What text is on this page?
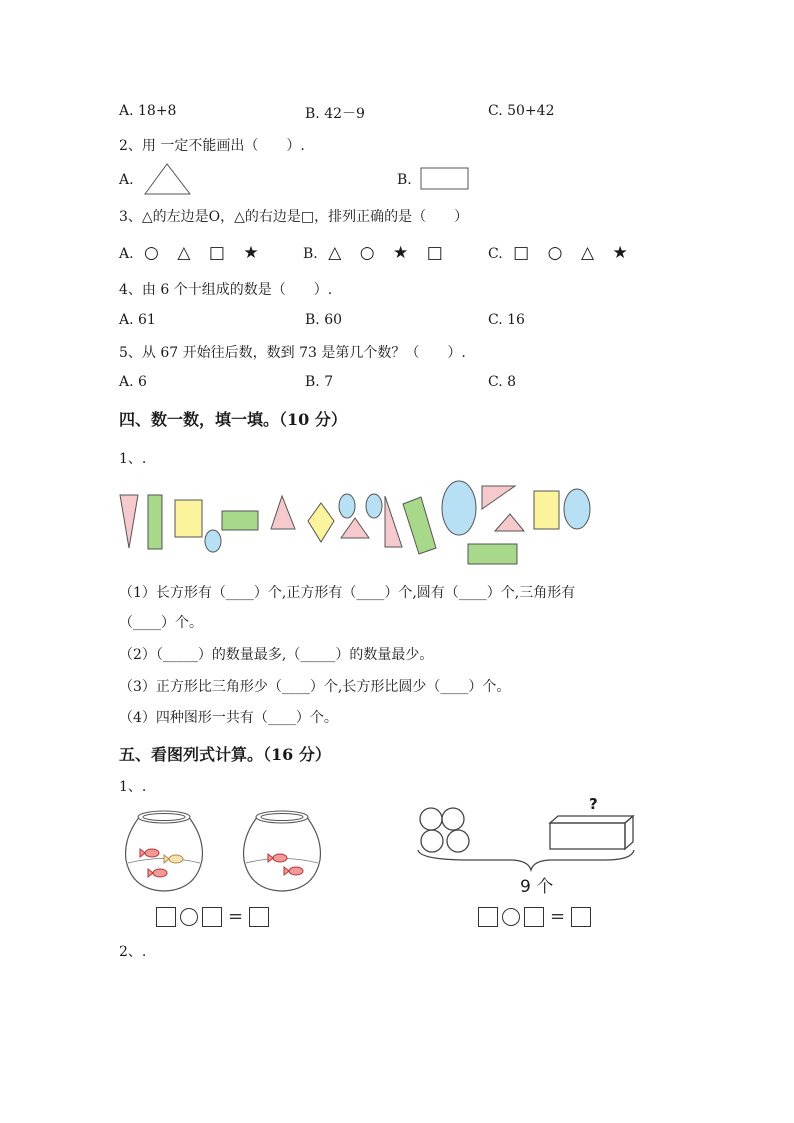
A. 18+8	B. 42－9	C. 50+42
2、用 一定不能画出（　　）.
A.	B.
3、△的左边是O，△的右边是□，排列正确的是（　　）
A. ○ △ □ ★	B. △ ○ ★ □	C. □ ○ △ ★
4、由 6 个十组成的数是（　　）.
A. 61	B. 60	C. 16
5、从 67 开始往后数，数到 73 是第几个数？（　　）.
A. 6	B. 7	C. 8
四、数一数，填一填。（10 分）
1、.
（1）长方形有（____）个,正方形有（____）个,圆有（____）个,三角形有
（____）个。
（2）（_____）的数量最多,（_____）的数量最少。
（3）正方形比三角形少（____）个,长方形比圆少（____）个。
（4）四种图形一共有（____）个。
五、看图列式计算。（16 分）
1、.
=
?
9 个
=
2、.
